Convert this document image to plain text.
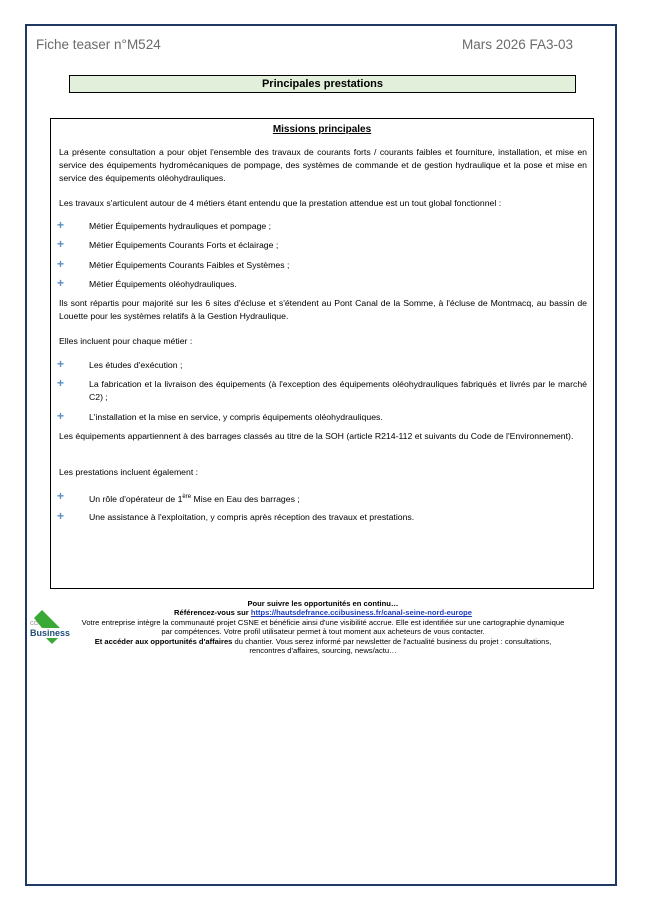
Fiche teaser n°M524	Mars 2026 FA3-03
Principales prestations
Missions principales
La présente consultation a pour objet l'ensemble des travaux de courants forts / courants faibles et fourniture, installation, et mise en service des équipements hydromécaniques de pompage, des systèmes de commande et de gestion hydraulique et la pose et mise en service des équipements oléohydrauliques.
Les travaux s'articulent autour de 4 métiers étant entendu que la prestation attendue est un tout global fonctionnel :
+	Métier Équipements hydrauliques et pompage ;
+	Métier Équipements Courants Forts et éclairage ;
+	Métier Équipements Courants Faibles et Systèmes ;
+	Métier Équipements oléohydrauliques.
Ils sont répartis pour majorité sur les 6 sites d'écluse et s'étendent au Pont Canal de la Somme, à l'écluse de Montmacq, au bassin de Louette pour les systèmes relatifs à la Gestion Hydraulique.
Elles incluent pour chaque métier :
+	Les études d'exécution ;
+	La fabrication et la livraison des équipements (à l'exception des équipements oléohydrauliques fabriqués et livrés par le marché C2) ;
+	L'installation et la mise en service, y compris équipements oléohydrauliques.
Les équipements appartiennent à des barrages classés au titre de la SOH (article R214-112 et suivants du Code de l'Environnement).
Les prestations incluent également :
+	Un rôle d'opérateur de 1ère Mise en Eau des barrages ;
+	Une assistance à l'exploitation, y compris après réception des travaux et prestations.
CCI
Business
Pour suivre les opportunités en continu…
Référencez-vous sur https://hautsdefrance.ccibusiness.fr/canal-seine-nord-europe
Votre entreprise intègre la communauté projet CSNE et bénéficie ainsi d'une visibilité accrue. Elle est identifiée sur une cartographie dynamique par compétences. Votre profil utilisateur permet à tout moment aux acheteurs de vous contacter.
Et accéder aux opportunités d'affaires du chantier. Vous serez informé par newsletter de l'actualité business du projet : consultations, rencontres d'affaires, sourcing, news/actu…
